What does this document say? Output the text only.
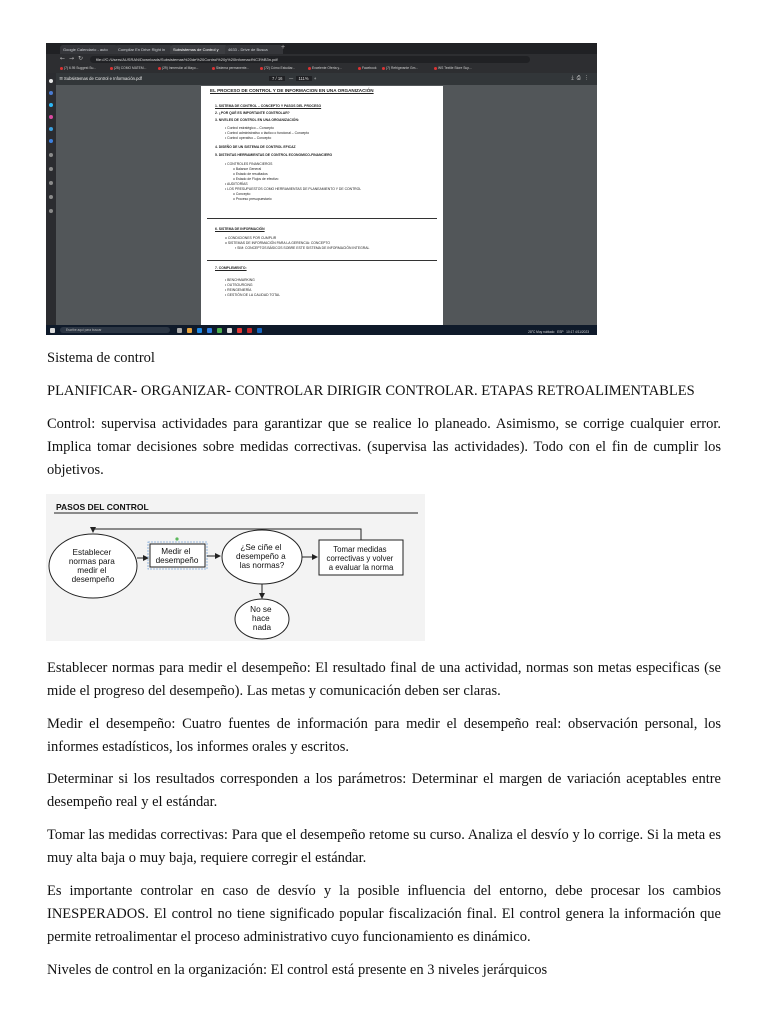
Google Calendario - auto	Compilar En Drive Right in	Subsistemas de Control y	4633 - Drive de Busca	+
← → ↻	file:///C:/Users/AUSRAN/Downloads/Subsistemas%20de%20Control%20y%20Informaci%C3%B3n.pdf
(7) 6.95 Suggest Su...	(25) COMO MATEM...	(29) Inmersión al Mayo...	Sistema permanente...	(72) Cómo Estudiar...	Excelente Oferta y...	Facebook	(7) Refrigerante Gm...	WS Textile Store Sup...
≡ Subsistemas de Control e Información.pdf	7 / 16   —  111%  +	⤓ ⎙ ⋮
EL PROCESO DE CONTROL Y DE INFORMACION EN UNA ORGANIZACIÓN
1. SISTEMA DE CONTROL – CONCEPTO Y PASOS DEL PROCESO
2. ¿POR QUÉ ES IMPORTANTE CONTROLAR?
3. NIVELES DE CONTROL EN UNA ORGANIZACIÓN:
• Control estratégico – Concepto
• Control administrativo o táctico o funcional – Concepto
• Control operativo – Concepto
4. DISEÑO DE UN SISTEMA DE CONTROL EFICAZ
5. DISTINTAS HERRAMIENTAS DE CONTROL ECONOMICO-FINANCIERO
• CONTROLES FINANCIEROS
o Balance General
o Estado de resultados
o Estado de Flujos de efectivo
• AUDITORÍAS
• LOS PRESUPUESTOS COMO HERRAMIENTAS DE PLANEAMIENTO Y DE CONTROL
o Concepto
o Proceso presupuestario
6. SISTEMA DE INFORMACIÓN
o CONDICIONES POR CUMPLIR
o SISTEMAS DE INFORMACIÓN PARA LA GERENCIA: CONCEPTO
▪ SIM: CONCEPTOS BÁSICOS SOBRE ESTE SISTEMA DE INFORMACIÓN INTEGRAL
7. COMPLEMENTO:
• BENCHMARKING
• OUTSOURCING
• REINGENIERÍA
• GESTIÓN DE LA CALIDAD TOTAL
Escribe aquí para buscar	28°C Muy nublado ESP 10:17 4/11/2023
Sistema de control
PLANIFICAR- ORGANIZAR- CONTROLAR DIRIGIR CONTROLAR. ETAPAS RETROALIMENTABLES
Control: supervisa actividades para garantizar que se realice lo planeado. Asimismo, se corrige cualquier error. Implica tomar decisiones sobre medidas correctivas. (supervisa las actividades). Todo con el fin de cumplir los objetivos.
PASOS DEL CONTROL
Establecer normas para medir el desempeño
Medir el desempeño
¿Se ciñe el desempeño a las normas?
Tomar medidas correctivas y volver a evaluar la norma
No se hace nada
Establecer normas para medir el desempeño: El resultado final de una actividad, normas son metas especificas (se mide el progreso del desempeño). Las metas y comunicación deben ser claras.
Medir el desempeño: Cuatro fuentes de información para medir el desempeño real: observación personal, los informes estadísticos, los informes orales y escritos.
Determinar si los resultados corresponden a los parámetros: Determinar el margen de variación aceptables entre desempeño real y el estándar.
Tomar las medidas correctivas: Para que el desempeño retome su curso. Analiza el desvío y lo corrige. Si la meta es muy alta baja o muy baja, requiere corregir el estándar.
Es importante controlar en caso de desvío y la posible influencia del entorno, debe procesar los cambios INESPERADOS. El control no tiene significado popular fiscalización final. El control genera la información que permite retroalimentar el proceso administrativo cuyo funcionamiento es dinámico.
Niveles de control en la organización: El control está presente en 3 niveles jerárquicos
